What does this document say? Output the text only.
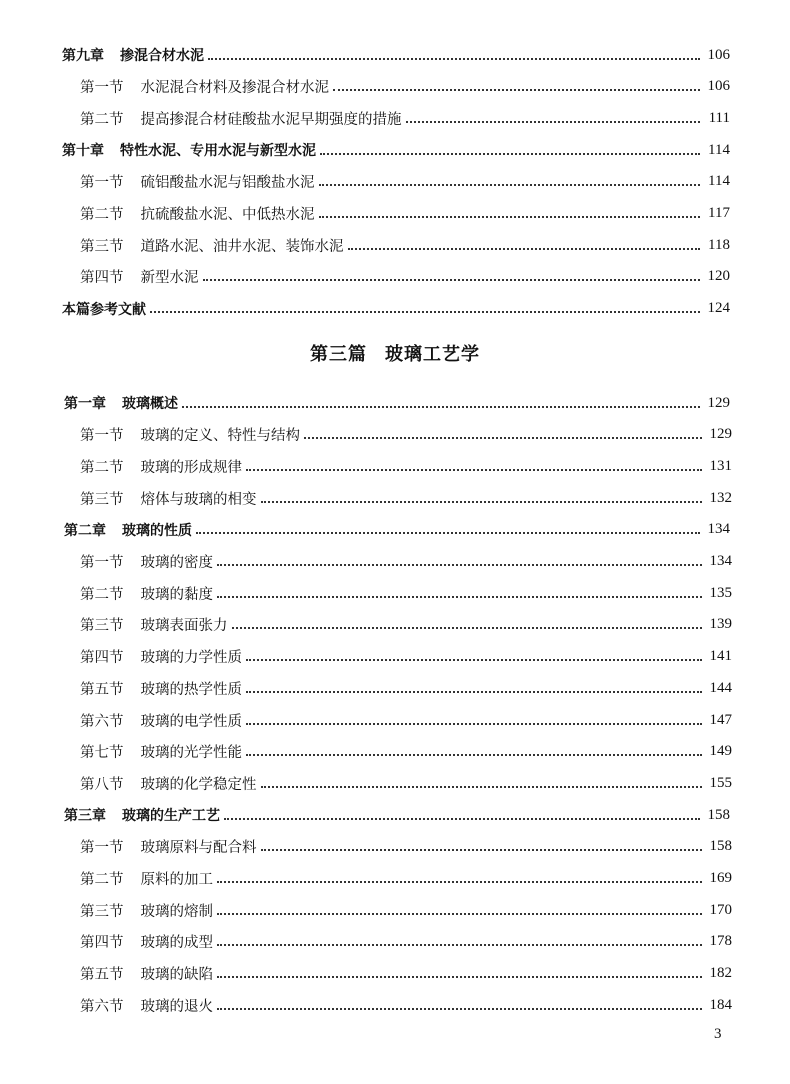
第九章 掺混合材水泥	106
第一节 水泥混合材料及掺混合材水泥	106
第二节 提高掺混合材硅酸盐水泥早期强度的措施	111
第十章 特性水泥、专用水泥与新型水泥	114
第一节 硫铝酸盐水泥与铝酸盐水泥	114
第二节 抗硫酸盐水泥、中低热水泥	117
第三节 道路水泥、油井水泥、装饰水泥	118
第四节 新型水泥	120
本篇参考文献	124
第三篇 玻璃工艺学
第一章 玻璃概述	129
第一节 玻璃的定义、特性与结构	129
第二节 玻璃的形成规律	131
第三节 熔体与玻璃的相变	132
第二章 玻璃的性质	134
第一节 玻璃的密度	134
第二节 玻璃的黏度	135
第三节 玻璃表面张力	139
第四节 玻璃的力学性质	141
第五节 玻璃的热学性质	144
第六节 玻璃的电学性质	147
第七节 玻璃的光学性能	149
第八节 玻璃的化学稳定性	155
第三章 玻璃的生产工艺	158
第一节 玻璃原料与配合料	158
第二节 原料的加工	169
第三节 玻璃的熔制	170
第四节 玻璃的成型	178
第五节 玻璃的缺陷	182
第六节 玻璃的退火	184
3
